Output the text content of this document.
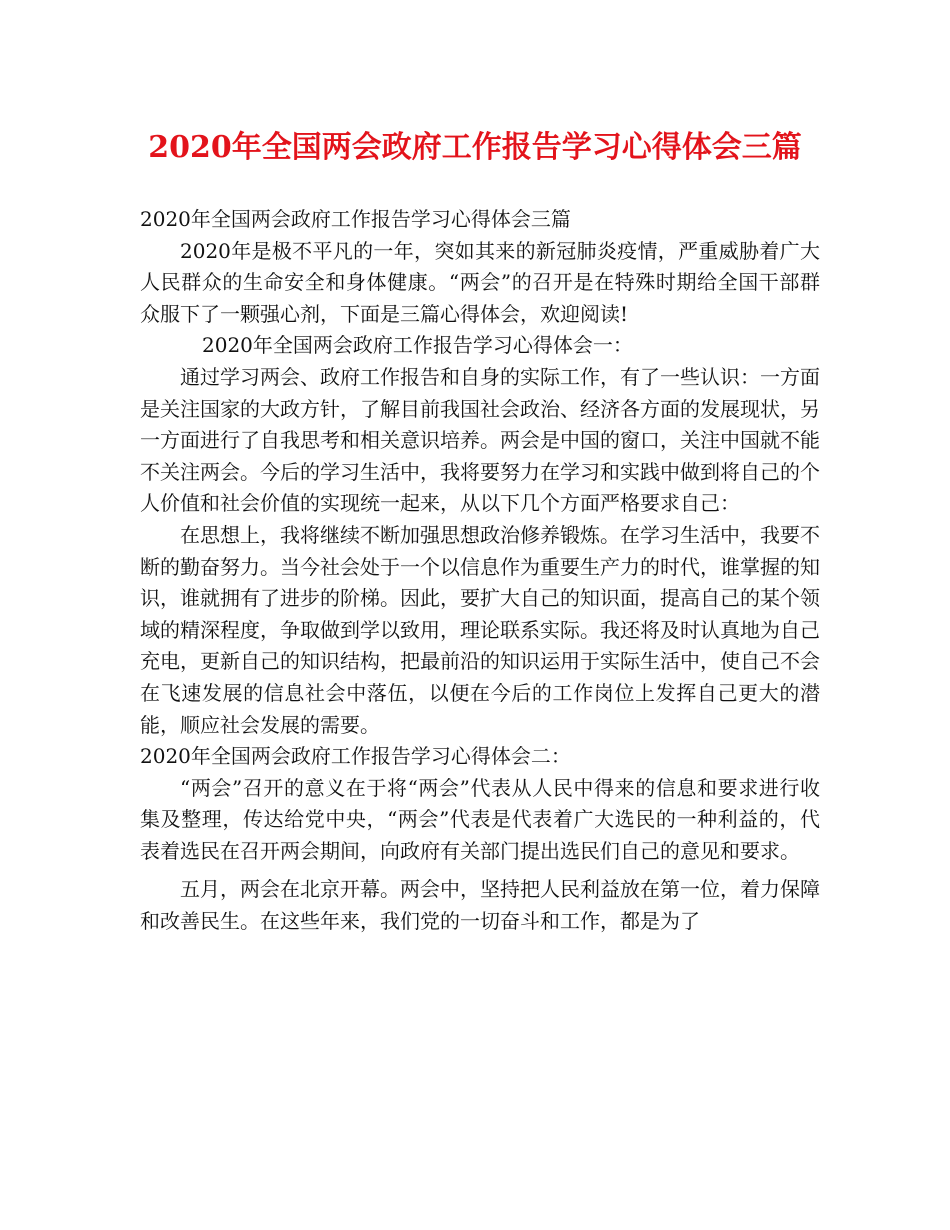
2020年全国两会政府工作报告学习心得体会三篇

2020年全国两会政府工作报告学习心得体会三篇

2020年是极不平凡的一年，突如其来的新冠肺炎疫情，严重威胁着广大人民群众的生命安全和身体健康。“两会”的召开是在特殊时期给全国干部群众服下了一颗强心剂，下面是三篇心得体会，欢迎阅读!

2020年全国两会政府工作报告学习心得体会一：

通过学习两会、政府工作报告和自身的实际工作，有了一些认识：一方面是关注国家的大政方针，了解目前我国社会政治、经济各方面的发展现状，另一方面进行了自我思考和相关意识培养。两会是中国的窗口，关注中国就不能不关注两会。今后的学习生活中，我将要努力在学习和实践中做到将自己的个人价值和社会价值的实现统一起来，从以下几个方面严格要求自己：

在思想上，我将继续不断加强思想政治修养锻炼。在学习生活中，我要不断的勤奋努力。当今社会处于一个以信息作为重要生产力的时代，谁掌握的知识，谁就拥有了进步的阶梯。因此，要扩大自己的知识面，提高自己的某个领域的精深程度，争取做到学以致用，理论联系实际。我还将及时认真地为自己充电，更新自己的知识结构，把最前沿的知识运用于实际生活中，使自己不会在飞速发展的信息社会中落伍，以便在今后的工作岗位上发挥自己更大的潜能，顺应社会发展的需要。

2020年全国两会政府工作报告学习心得体会二：

“两会”召开的意义在于将“两会”代表从人民中得来的信息和要求进行收集及整理，传达给党中央，“两会”代表是代表着广大选民的一种利益的，代表着选民在召开两会期间，向政府有关部门提出选民们自己的意见和要求。

五月，两会在北京开幕。两会中，坚持把人民利益放在第一位，着力保障和改善民生。在这些年来，我们党的一切奋斗和工作，都是为了
